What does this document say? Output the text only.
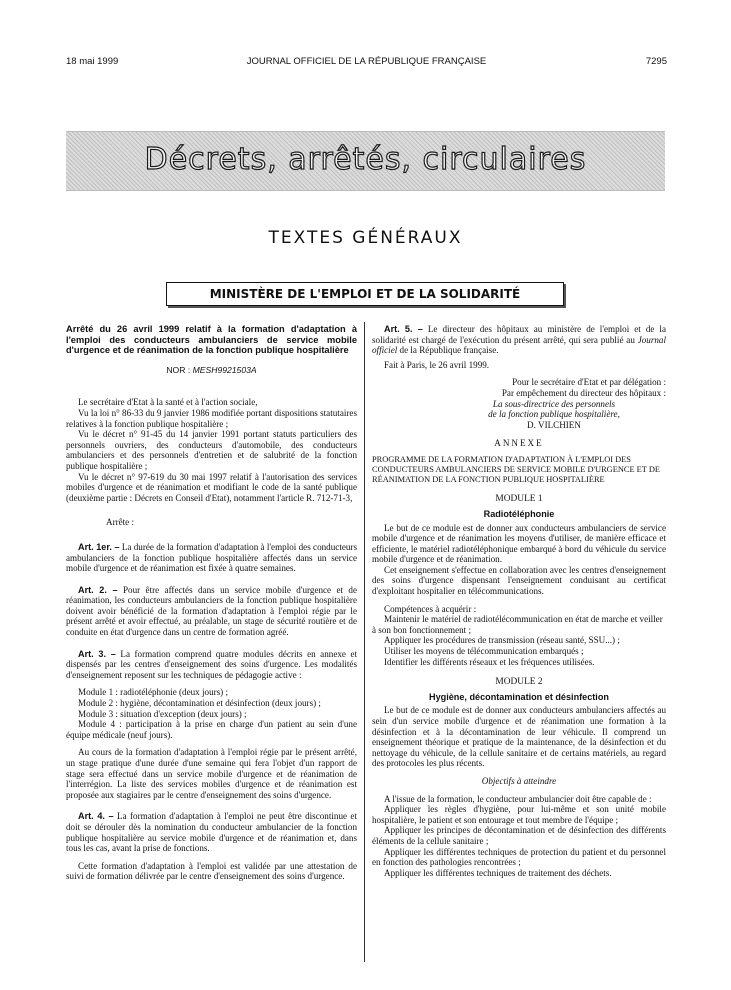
18 mai 1999	JOURNAL OFFICIEL DE LA RÉPUBLIQUE FRANÇAISE	7295
Décrets, arrêtés, circulaires
TEXTES GÉNÉRAUX
MINISTÈRE DE L'EMPLOI ET DE LA SOLIDARITÉ

Arrêté du 26 avril 1999 relatif à la formation d'adaptation à l'emploi des conducteurs ambulanciers de service mobile d'urgence et de réanimation de la fonction publique hospitalière

NOR : MESH9921503A

Le secrétaire d'Etat à la santé et à l'action sociale,

Vu la loi n° 86-33 du 9 janvier 1986 modifiée portant dispositions statutaires relatives à la fonction publique hospitalière ;

Vu le décret n° 91-45 du 14 janvier 1991 portant statuts particuliers des personnels ouvriers, des conducteurs d'automobile, des conducteurs ambulanciers et des personnels d'entretien et de salubrité de la fonction publique hospitalière ;

Vu le décret n° 97-619 du 30 mai 1997 relatif à l'autorisation des services mobiles d'urgence et de réanimation et modifiant le code de la santé publique (deuxième partie : Décrets en Conseil d'Etat), notamment l'article R. 712-71-3,

Arrête :

Art. 1er. – La durée de la formation d'adaptation à l'emploi des conducteurs ambulanciers de la fonction publique hospitalière affectés dans un service mobile d'urgence et de réanimation est fixée à quatre semaines.

Art. 2. – Pour être affectés dans un service mobile d'urgence et de réanimation, les conducteurs ambulanciers de la fonction publique hospitalière doivent avoir bénéficié de la formation d'adaptation à l'emploi régie par le présent arrêté et avoir effectué, au préalable, un stage de sécurité routière et de conduite en état d'urgence dans un centre de formation agréé.

Art. 3. – La formation comprend quatre modules décrits en annexe et dispensés par les centres d'enseignement des soins d'urgence. Les modalités d'enseignement reposent sur les techniques de pédagogie active :

Module 1 : radiotéléphonie (deux jours) ;

Module 2 : hygiène, décontamination et désinfection (deux jours) ;

Module 3 : situation d'exception (deux jours) ;

Module 4 : participation à la prise en charge d'un patient au sein d'une équipe médicale (neuf jours).

Au cours de la formation d'adaptation à l'emploi régie par le présent arrêté, un stage pratique d'une durée d'une semaine qui fera l'objet d'un rapport de stage sera effectué dans un service mobile d'urgence et de réanimation de l'interrégion. La liste des services mobiles d'urgence et de réanimation est proposée aux stagiaires par le centre d'enseignement des soins d'urgence.

Art. 4. – La formation d'adaptation à l'emploi ne peut être discontinue et doit se dérouler dès la nomination du conducteur ambulancier de la fonction publique hospitalière au service mobile d'urgence et de réanimation et, dans tous les cas, avant la prise de fonctions.

Cette formation d'adaptation à l'emploi est validée par une attestation de suivi de formation délivrée par le centre d'enseignement des soins d'urgence.

Art. 5. – Le directeur des hôpitaux au ministère de l'emploi et de la solidarité est chargé de l'exécution du présent arrêté, qui sera publié au Journal officiel de la République française.

Fait à Paris, le 26 avril 1999.

Pour le secrétaire d'Etat et par délégation :

Par empêchement du directeur des hôpitaux :

La sous-directrice des personnels

de la fonction publique hospitalière,

D. VILCHIEN

ANNEXE

PROGRAMME DE LA FORMATION D'ADAPTATION À L'EMPLOI DES CONDUCTEURS AMBULANCIERS DE SERVICE MOBILE D'URGENCE ET DE RÉANIMATION DE LA FONCTION PUBLIQUE HOSPITALIÈRE

MODULE 1

Radiotéléphonie

Le but de ce module est de donner aux conducteurs ambulanciers de service mobile d'urgence et de réanimation les moyens d'utiliser, de manière efficace et efficiente, le matériel radiotéléphonique embarqué à bord du véhicule du service mobile d'urgence et de réanimation.

Cet enseignement s'effectue en collaboration avec les centres d'enseignement des soins d'urgence dispensant l'enseignement conduisant au certificat d'exploitant hospitalier en télécommunications.

Compétences à acquérir :

Maintenir le matériel de radiotélécommunication en état de marche et veiller à son bon fonctionnement ;

Appliquer les procédures de transmission (réseau santé, SSU...) ;

Utiliser les moyens de télécommunication embarqués ;

Identifier les différents réseaux et les fréquences utilisées.

MODULE 2

Hygiène, décontamination et désinfection

Le but de ce module est de donner aux conducteurs ambulanciers affectés au sein d'un service mobile d'urgence et de réanimation une formation à la désinfection et à la décontamination de leur véhicule. Il comprend un enseignement théorique et pratique de la maintenance, de la désinfection et du nettoyage du véhicule, de la cellule sanitaire et de certains matériels, au regard des protocoles les plus récents.

Objectifs à atteindre

A l'issue de la formation, le conducteur ambulancier doit être capable de :

Appliquer les règles d'hygiène, pour lui-même et son unité mobile hospitalière, le patient et son entourage et tout membre de l'équipe ;

Appliquer les principes de décontamination et de désinfection des différents éléments de la cellule sanitaire ;

Appliquer les différentes techniques de protection du patient et du personnel en fonction des pathologies rencontrées ;

Appliquer les différentes techniques de traitement des déchets.
